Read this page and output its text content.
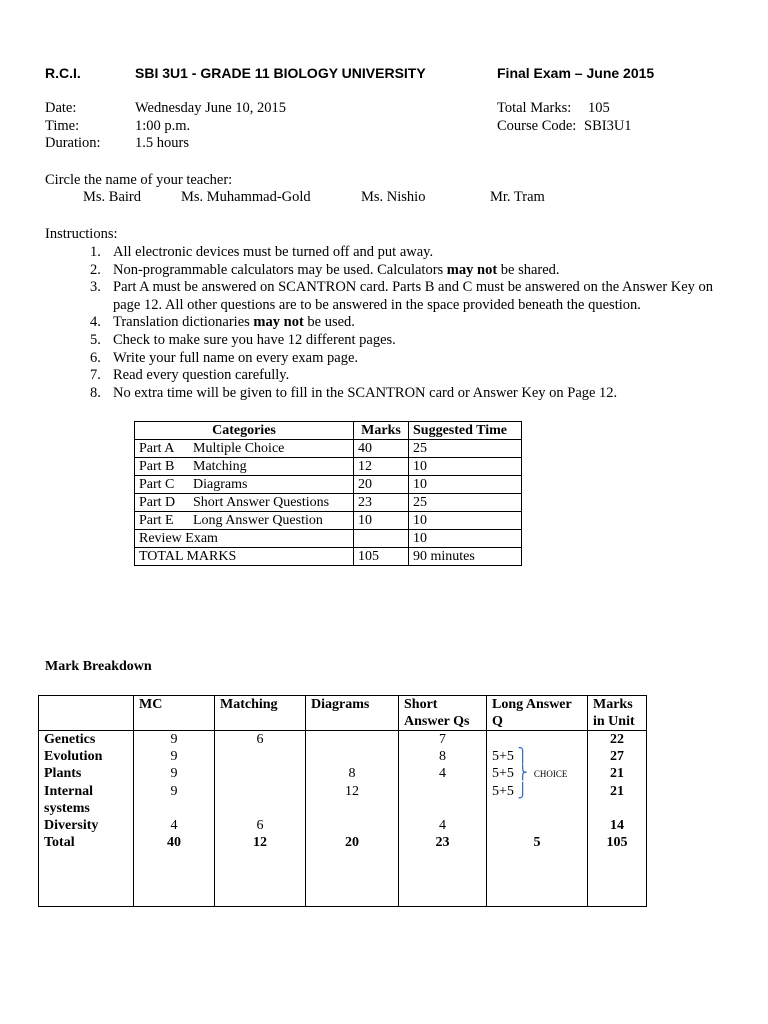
R.C.I.	SBI 3U1 - GRADE 11 BIOLOGY UNIVERSITY	Final Exam – June 2015
Date:	Wednesday June 10, 2015
Time:	1:00 p.m.
Duration: 1.5 hours
Total Marks: 105
Course Code: SBI3U1
Circle the name of your teacher:
Ms. Baird	Ms. Muhammad-Gold	Ms. Nishio	Mr. Tram
Instructions:
1. All electronic devices must be turned off and put away.
2. Non-programmable calculators may be used. Calculators may not be shared.
3. Part A must be answered on SCANTRON card. Parts B and C must be answered on the Answer Key on page 12. All other questions are to be answered in the space provided beneath the question.
4. Translation dictionaries may not be used.
5. Check to make sure you have 12 different pages.
6. Write your full name on every exam page.
7. Read every question carefully.
8. No extra time will be given to fill in the SCANTRON card or Answer Key on Page 12.
Categories		Marks	Suggested Time
Part A	Multiple Choice	40	25
Part B	Matching	12	10
Part C	Diagrams	20	10
Part D	Short Answer Questions	23	25
Part E	Long Answer Question	10	10
Review Exam			10
TOTAL MARKS		105	90 minutes
Mark Breakdown
	MC	Matching	Diagrams	Short Answer Qs	Long Answer Q	Marks in Unit
Genetics	9	6		7		22
Evolution	9			8	5+5 ⎫	27
Plants	9		8	4	5+5 ⎬ CHOICE	21
Internal systems	9		12		5+5 ⎭	21
Diversity	4	6		4		14
Total	40	12	20	23	5	105
